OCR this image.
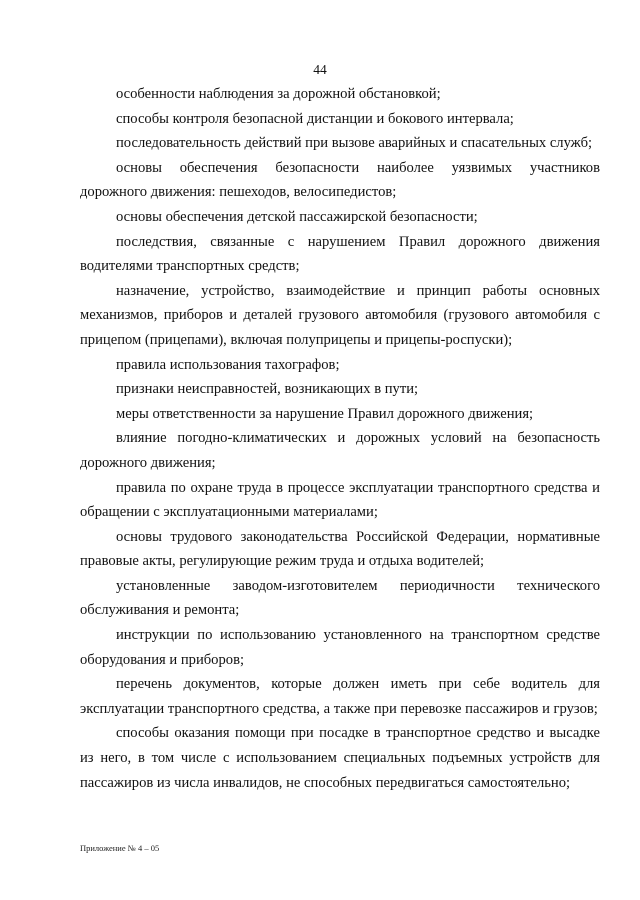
44

особенности наблюдения за дорожной обстановкой;

способы контроля безопасной дистанции и бокового интервала;

последовательность действий при вызове аварийных и спасательных служб;

основы обеспечения безопасности наиболее уязвимых участников дорожного движения: пешеходов, велосипедистов;

основы обеспечения детской пассажирской безопасности;

последствия, связанные с нарушением Правил дорожного движения водителями транспортных средств;

назначение, устройство, взаимодействие и принцип работы основных механизмов, приборов и деталей грузового автомобиля (грузового автомобиля с прицепом (прицепами), включая полуприцепы и прицепы-роспуски);

правила использования тахографов;

признаки неисправностей, возникающих в пути;

меры ответственности за нарушение Правил дорожного движения;

влияние погодно-климатических и дорожных условий на безопасность дорожного движения;

правила по охране труда в процессе эксплуатации транспортного средства и обращении с эксплуатационными материалами;

основы трудового законодательства Российской Федерации, нормативные правовые акты, регулирующие режим труда и отдыха водителей;

установленные заводом-изготовителем периодичности технического обслуживания и ремонта;

инструкции по использованию установленного на транспортном средстве оборудования и приборов;

перечень документов, которые должен иметь при себе водитель для эксплуатации транспортного средства, а также при перевозке пассажиров и грузов;

способы оказания помощи при посадке в транспортное средство и высадке из него, в том числе с использованием специальных подъемных устройств для пассажиров из числа инвалидов, не способных передвигаться самостоятельно;

Приложение № 4 – 05
